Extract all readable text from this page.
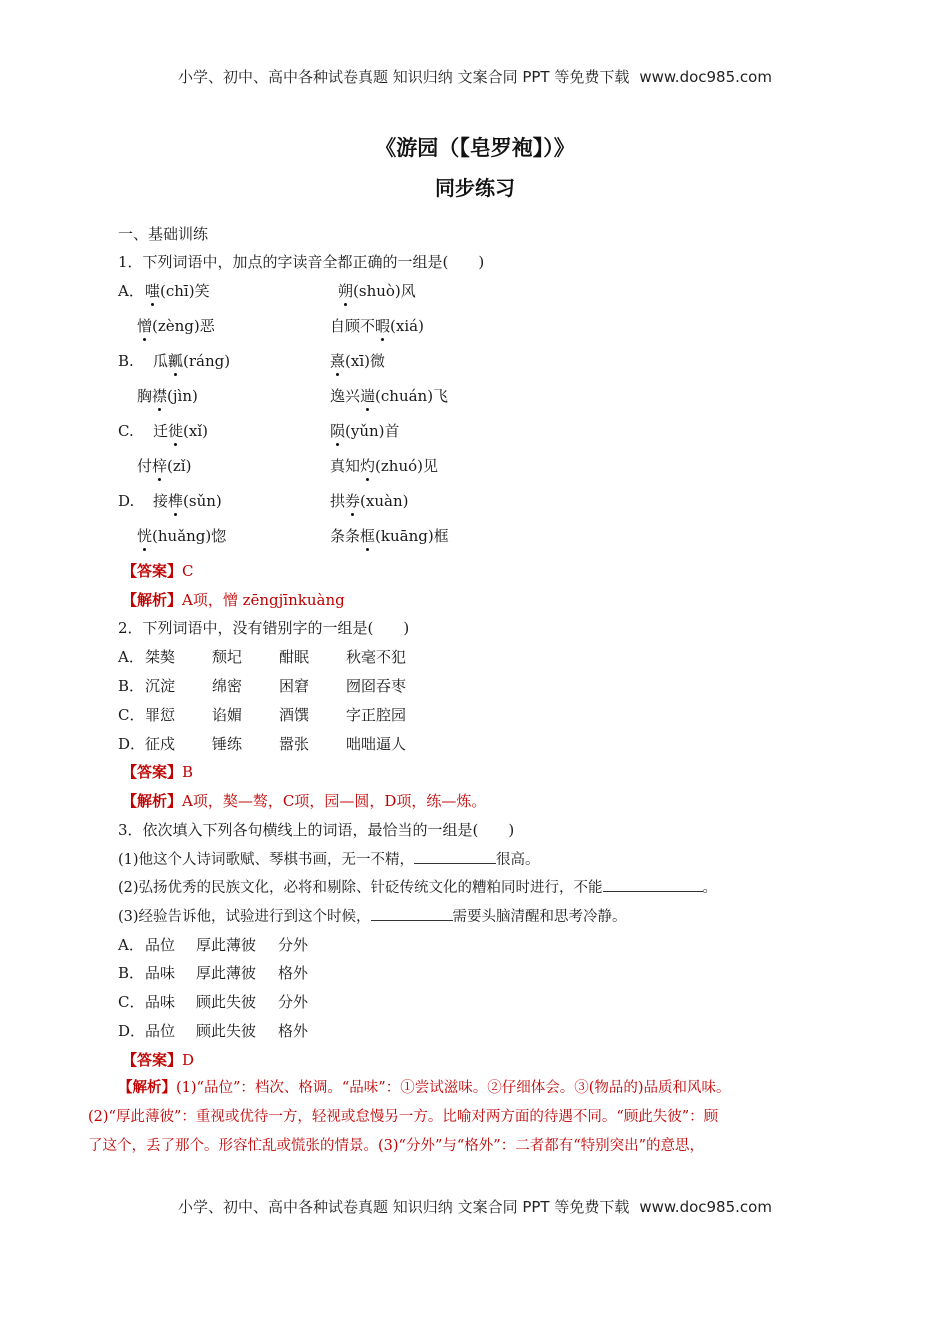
小学、初中、高中各种试卷真题 知识归纳 文案合同 PPT 等免费下载 www.doc985.com
《游园（【皂罗袍】）》
同步练习
一、基础训练
1．下列词语中，加点的字读音全都正确的一组是(　　)
A． 嗤(chī)笑	朔(shuò)风
憎(zèng)恶	自顾不暇(xiá)
B. 瓜瓤(ráng)	熹(xī)微
胸襟(jìn)	逸兴遄(chuán)飞
C. 迁徙(xǐ)	陨(yǔn)首
付梓(zǐ)	真知灼(zhuó)见
D. 接榫(sǔn)	拱券(xuàn)
恍(huǎng)惚	条条框(kuāng)框
【答案】C
【解析】A项，憎 zēngjīnkuàng
2．下列词语中，没有错别字的一组是(　　)
A． 桀獒 颓圮 酣眠 秋毫不犯
B． 沉淀 绵密 困窘 囫囵吞枣
C． 罪愆 谄媚 酒馔 字正腔园
D． 征戍 锤练 嚣张 咄咄逼人
【答案】B
【解析】A项，獒—骜，C项，园—圆，D项，练—炼。
3．依次填入下列各句横线上的词语，最恰当的一组是(　　)
(1)他这个人诗词歌赋、琴棋书画，无一不精，	很高。
(2)弘扬优秀的民族文化，必将和剔除、针砭传统文化的糟粕同时进行，不能	。
(3)经验告诉他，试验进行到这个时候，	需要头脑清醒和思考冷静。
A． 品位 厚此薄彼 分外
B． 品味 厚此薄彼 格外
C． 品味 顾此失彼 分外
D． 品位 顾此失彼 格外
【答案】D
【解析】(1)“品位”：档次、格调。“品味”：①尝试滋味。②仔细体会。③(物品的)品质和风味。
(2)“厚此薄彼”：重视或优待一方，轻视或怠慢另一方。比喻对两方面的待遇不同。“顾此失彼”：顾
了这个，丢了那个。形容忙乱或慌张的情景。(3)“分外”与“格外”：二者都有“特别突出”的意思，
小学、初中、高中各种试卷真题 知识归纳 文案合同 PPT 等免费下载 www.doc985.com
